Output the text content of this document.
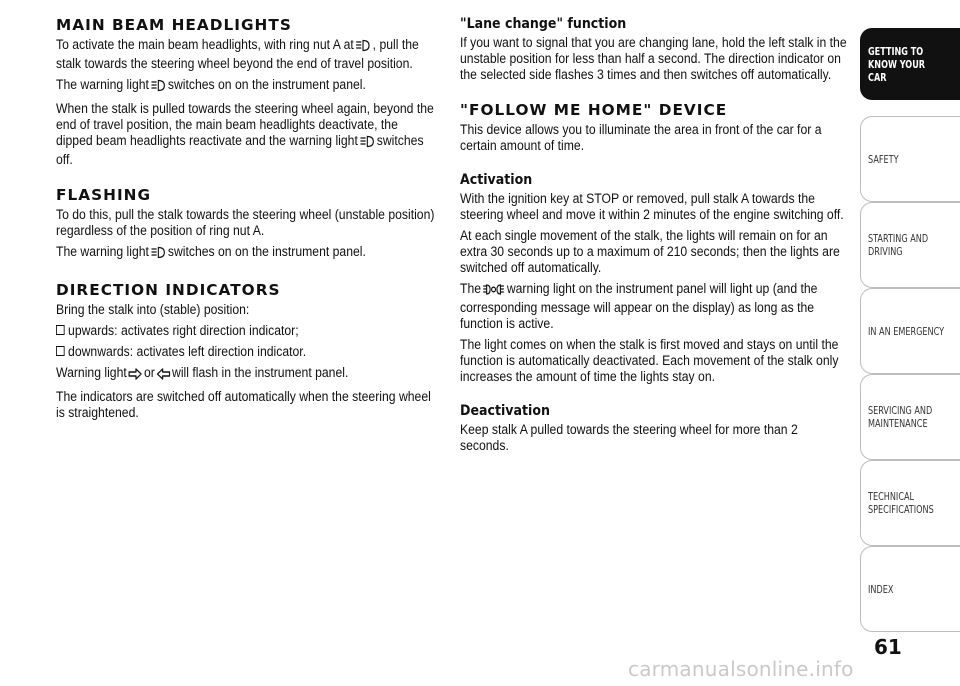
MAIN BEAM HEADLIGHTS

To activate the main beam headlights, with ring nut A at , pull the
stalk towards the steering wheel beyond the end of travel position.

The warning light switches on on the instrument panel.

When the stalk is pulled towards the steering wheel again, beyond the end of travel position, the main beam headlights deactivate, the dipped beam headlights reactivate and the warning light switches off.

FLASHING

To do this, pull the stalk towards the steering wheel (unstable position) regardless of the position of ring nut A.

The warning light switches on on the instrument panel.

DIRECTION INDICATORS

Bring the stalk into (stable) position:

upwards: activates right direction indicator;
downwards: activates left direction indicator.

Warning light or will flash in the instrument panel.

The indicators are switched off automatically when the steering wheel is straightened.

"Lane change" function

If you want to signal that you are changing lane, hold the left stalk in the unstable position for less than half a second. The direction indicator on the selected side flashes 3 times and then switches off automatically.

"FOLLOW ME HOME" DEVICE

This device allows you to illuminate the area in front of the car for a certain amount of time.

Activation

With the ignition key at STOP or removed, pull stalk A towards the steering wheel and move it within 2 minutes of the engine switching off.

At each single movement of the stalk, the lights will remain on for an extra 30 seconds up to a maximum of 210 seconds; then the lights are switched off automatically.

The warning light on the instrument panel will light up (and the corresponding message will appear on the display) as long as the function is active.

The light comes on when the stalk is first moved and stays on until the function is automatically deactivated. Each movement of the stalk only increases the amount of time the lights stay on.

Deactivation

Keep stalk A pulled towards the steering wheel for more than 2 seconds.

GETTING TO KNOW YOUR CAR
SAFETY
STARTING AND DRIVING
IN AN EMERGENCY
SERVICING AND MAINTENANCE
TECHNICAL SPECIFICATIONS
INDEX
61
carmanualsonline.info
